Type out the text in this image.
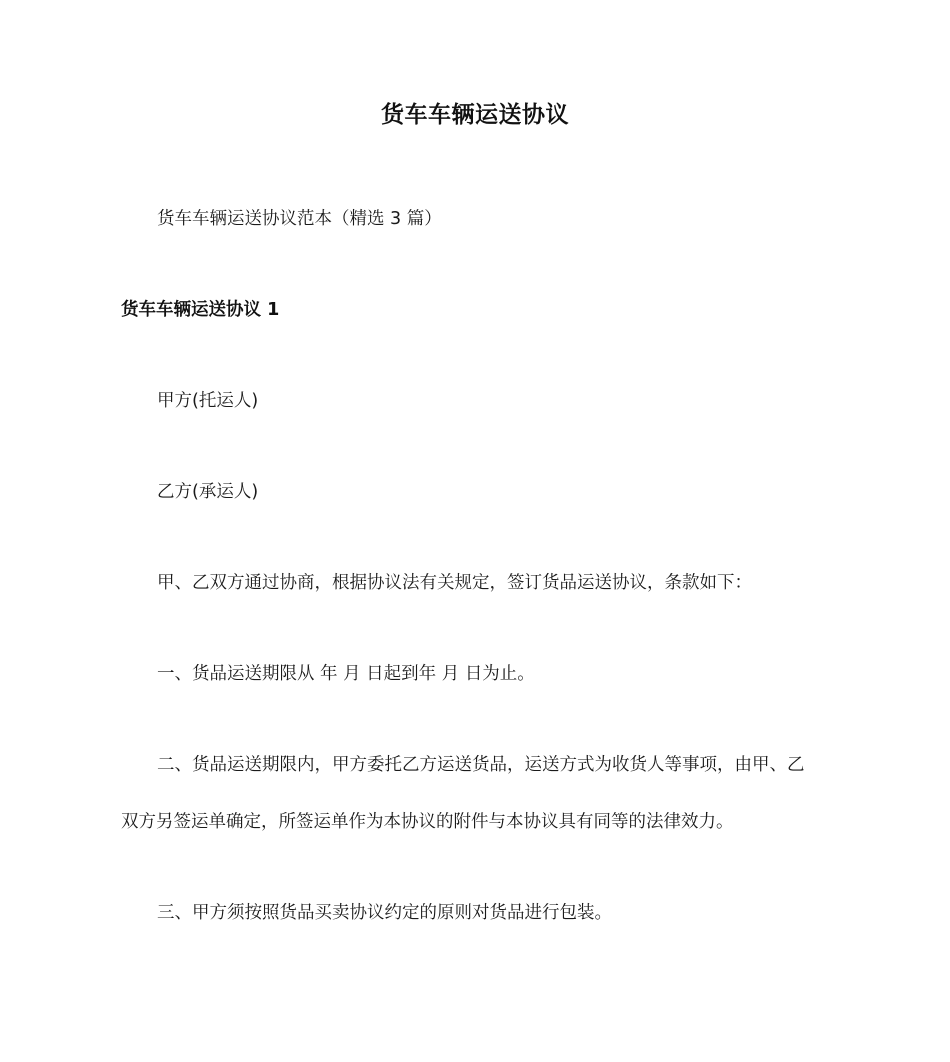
货车车辆运送协议
货车车辆运送协议范本（精选 3 篇）
货车车辆运送协议 1
甲方(托运人)
乙方(承运人)
甲、乙双方通过协商，根据协议法有关规定，签订货品运送协议，条款如下：
一、货品运送期限从 年 月 日起到年 月 日为止。
二、货品运送期限内，甲方委托乙方运送货品，运送方式为收货人等事项，由甲、乙
双方另签运单确定，所签运单作为本协议的附件与本协议具有同等的法律效力。
三、甲方须按照货品买卖协议约定的原则对货品进行包装。
